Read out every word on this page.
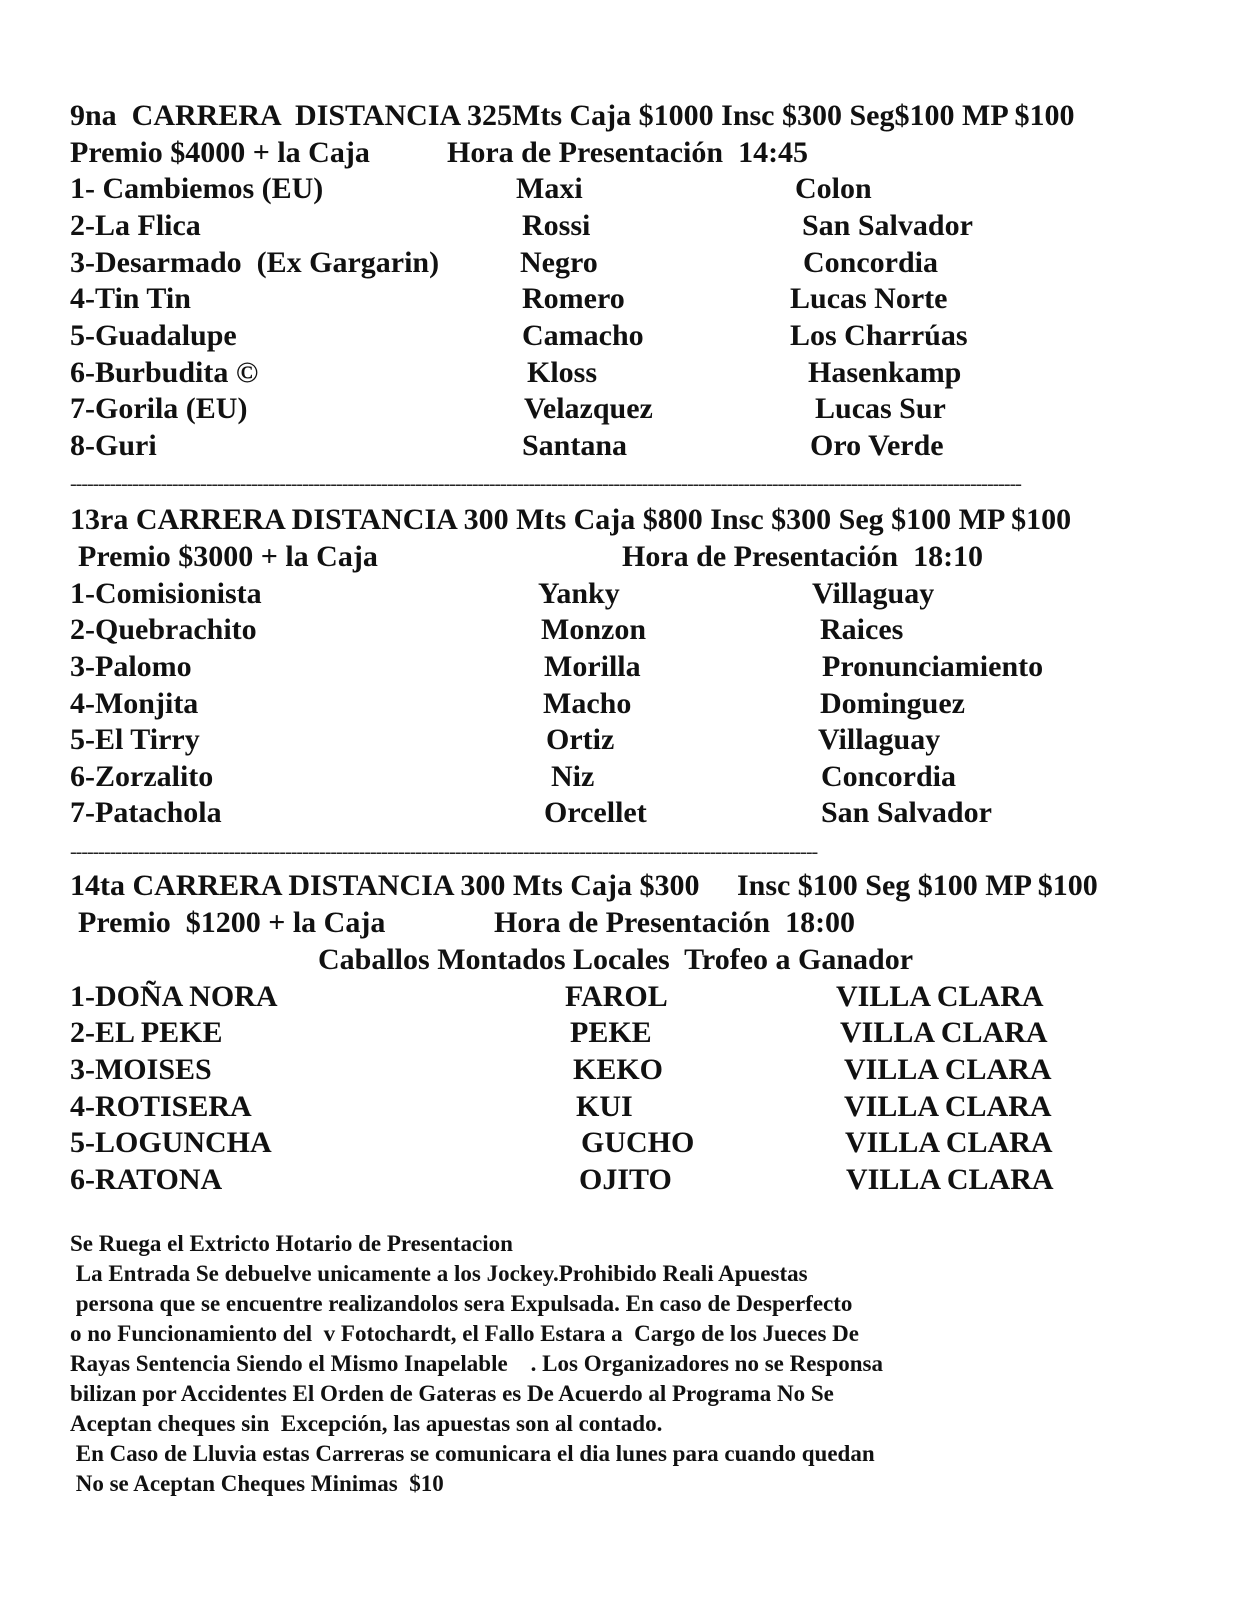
9na  CARRERA  DISTANCIA 325Mts Caja $1000 Insc $300 Seg$100 MP $100
Premio $4000 + la Caja	Hora de Presentación  14:45
1- Cambiemos (EU)	Maxi	Colon
2-La Flica	Rossi	San Salvador
3-Desarmado  (Ex Gargarin)	Negro	Concordia
4-Tin Tin	Romero	Lucas Norte
5-Guadalupe	Camacho	Los Charrúas
6-Burbudita ©	Kloss	Hasenkamp
7-Gorila (EU)	Velazquez	Lucas Sur
8-Guri	Santana	Oro Verde
------------------------------------------------------------------------------------------------------------------------------------------------------------------------
13ra CARRERA DISTANCIA 300 Mts Caja $800 Insc $300 Seg $100 MP $100
Premio $3000 + la Caja	Hora de Presentación  18:10
1-Comisionista	Yanky	Villaguay
2-Quebrachito	Monzon	Raices
3-Palomo	Morilla	Pronunciamiento
4-Monjita	Macho	Dominguez
5-El Tirry	Ortiz	Villaguay
6-Zorzalito	Niz	Concordia
7-Patachola	Orcellet	San Salvador
------------------------------------------------------------------------------------------------------------------------------------
14ta CARRERA DISTANCIA 300 Mts Caja $300     Insc $100 Seg $100 MP $100
Premio  $1200 + la Caja	Hora de Presentación  18:00
Caballos Montados Locales  Trofeo a Ganador
1-DOÑA NORA	FAROL	VILLA CLARA
2-EL PEKE	PEKE	VILLA CLARA
3-MOISES	KEKO	VILLA CLARA
4-ROTISERA	KUI	VILLA CLARA
5-LOGUNCHA	GUCHO	VILLA CLARA
6-RATONA	OJITO	VILLA CLARA
Se Ruega el Extricto Hotario de Presentacion
La Entrada Se debuelve unicamente a los Jockey.Prohibido Reali Apuestas
persona que se encuentre realizandolos sera Expulsada. En caso de Desperfecto
o no Funcionamiento del  v Fotochardt, el Fallo Estara a  Cargo de los Jueces De
Rayas Sentencia Siendo el Mismo Inapelable    . Los Organizadores no se Responsa
bilizan por Accidentes El Orden de Gateras es De Acuerdo al Programa No Se
Aceptan cheques sin  Excepción, las apuestas son al contado.
En Caso de Lluvia estas Carreras se comunicara el dia lunes para cuando quedan
No se Aceptan Cheques Minimas  $10
